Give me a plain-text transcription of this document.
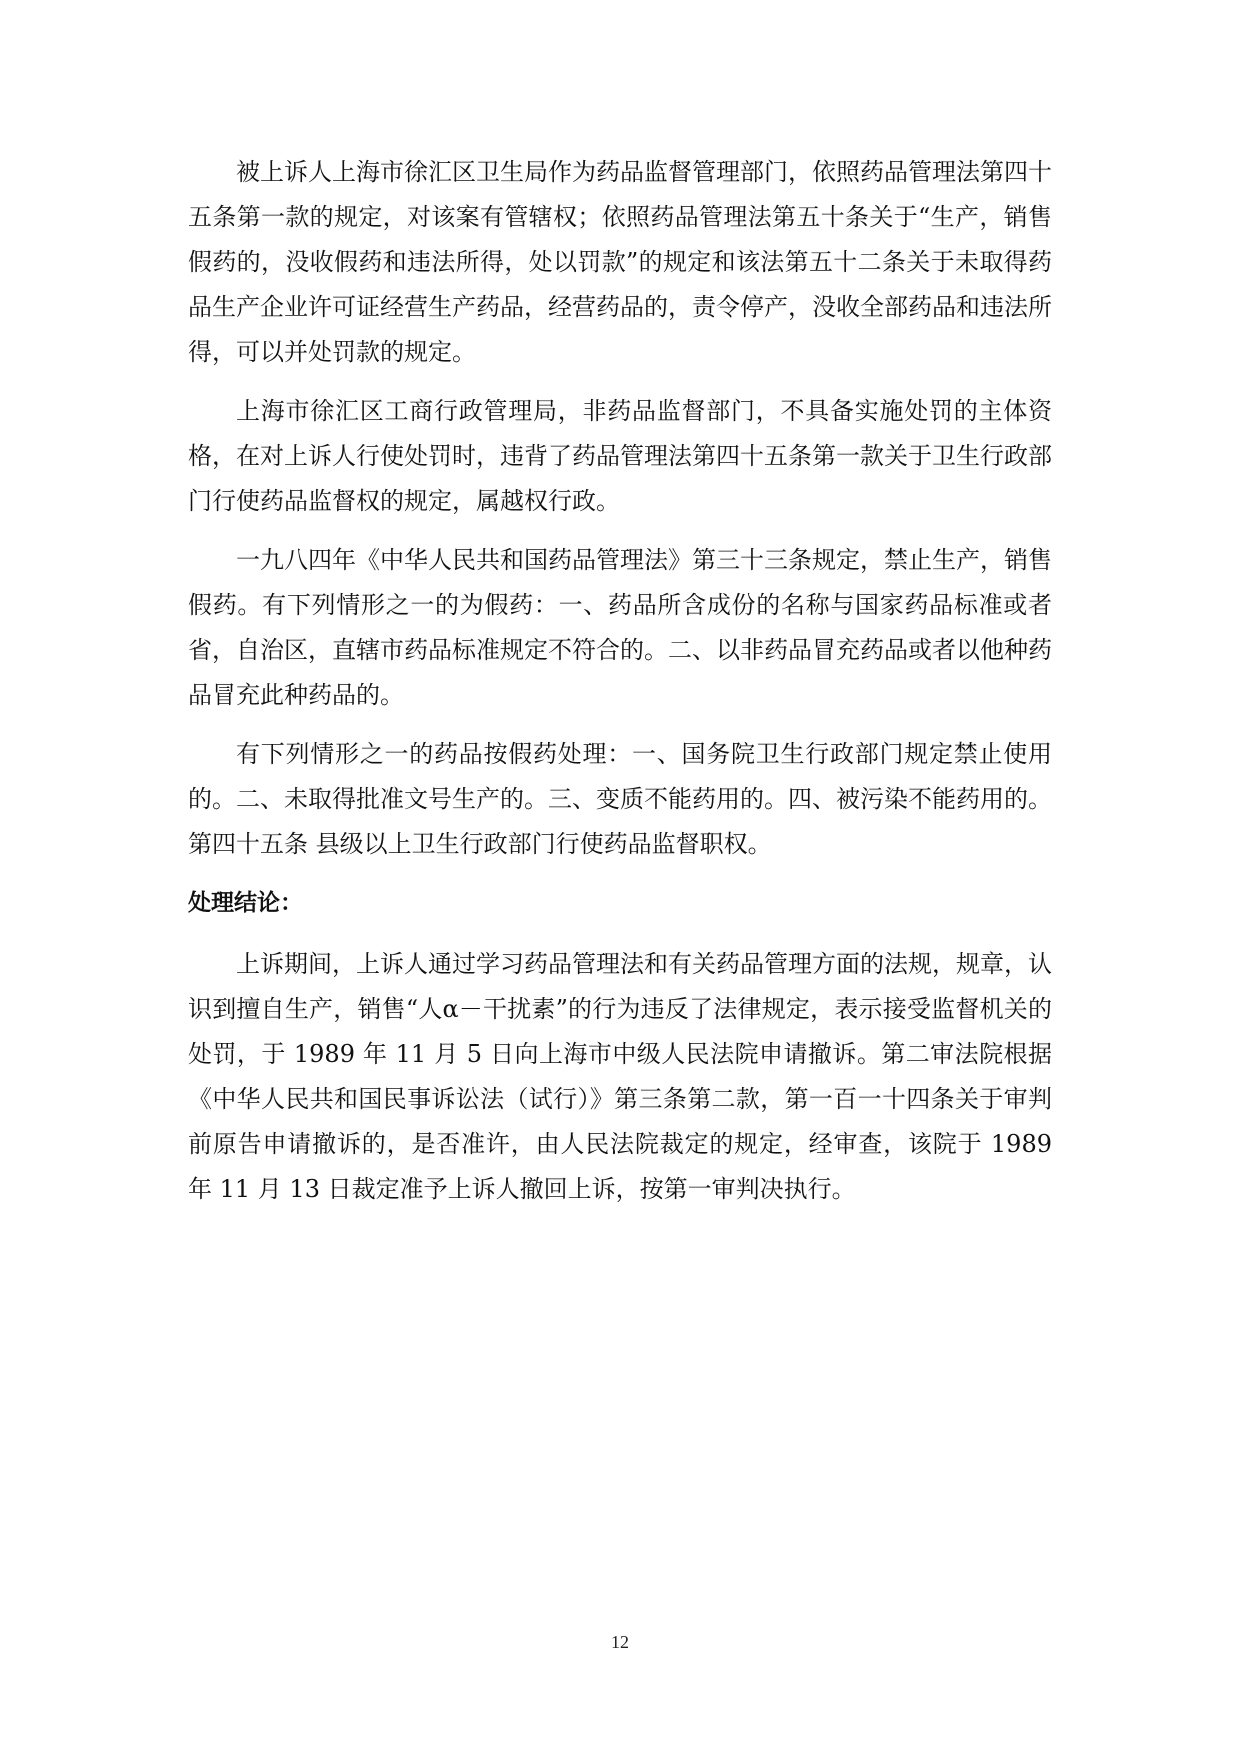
被上诉人上海市徐汇区卫生局作为药品监督管理部门，依照药品管理法第四十五条第一款的规定，对该案有管辖权；依照药品管理法第五十条关于“生产，销售假药的，没收假药和违法所得，处以罚款”的规定和该法第五十二条关于未取得药品生产企业许可证经营生产药品，经营药品的，责令停产，没收全部药品和违法所得，可以并处罚款的规定。

上海市徐汇区工商行政管理局，非药品监督部门，不具备实施处罚的主体资格，在对上诉人行使处罚时，违背了药品管理法第四十五条第一款关于卫生行政部门行使药品监督权的规定，属越权行政。

一九八四年《中华人民共和国药品管理法》第三十三条规定，禁止生产，销售假药。有下列情形之一的为假药：一、药品所含成份的名称与国家药品标准或者省，自治区，直辖市药品标准规定不符合的。二、以非药品冒充药品或者以他种药品冒充此种药品的。

有下列情形之一的药品按假药处理：一、国务院卫生行政部门规定禁止使用的。二、未取得批准文号生产的。三、变质不能药用的。四、被污染不能药用的。第四十五条 县级以上卫生行政部门行使药品监督职权。

处理结论：

上诉期间，上诉人通过学习药品管理法和有关药品管理方面的法规，规章，认识到擅自生产，销售“人α－干扰素”的行为违反了法律规定，表示接受监督机关的处罚，于 1989 年 11 月 5 日向上海市中级人民法院申请撤诉。第二审法院根据《中华人民共和国民事诉讼法（试行）》第三条第二款，第一百一十四条关于审判前原告申请撤诉的，是否准许，由人民法院裁定的规定，经审查，该院于 1989 年 11 月 13 日裁定准予上诉人撤回上诉，按第一审判决执行。

12
